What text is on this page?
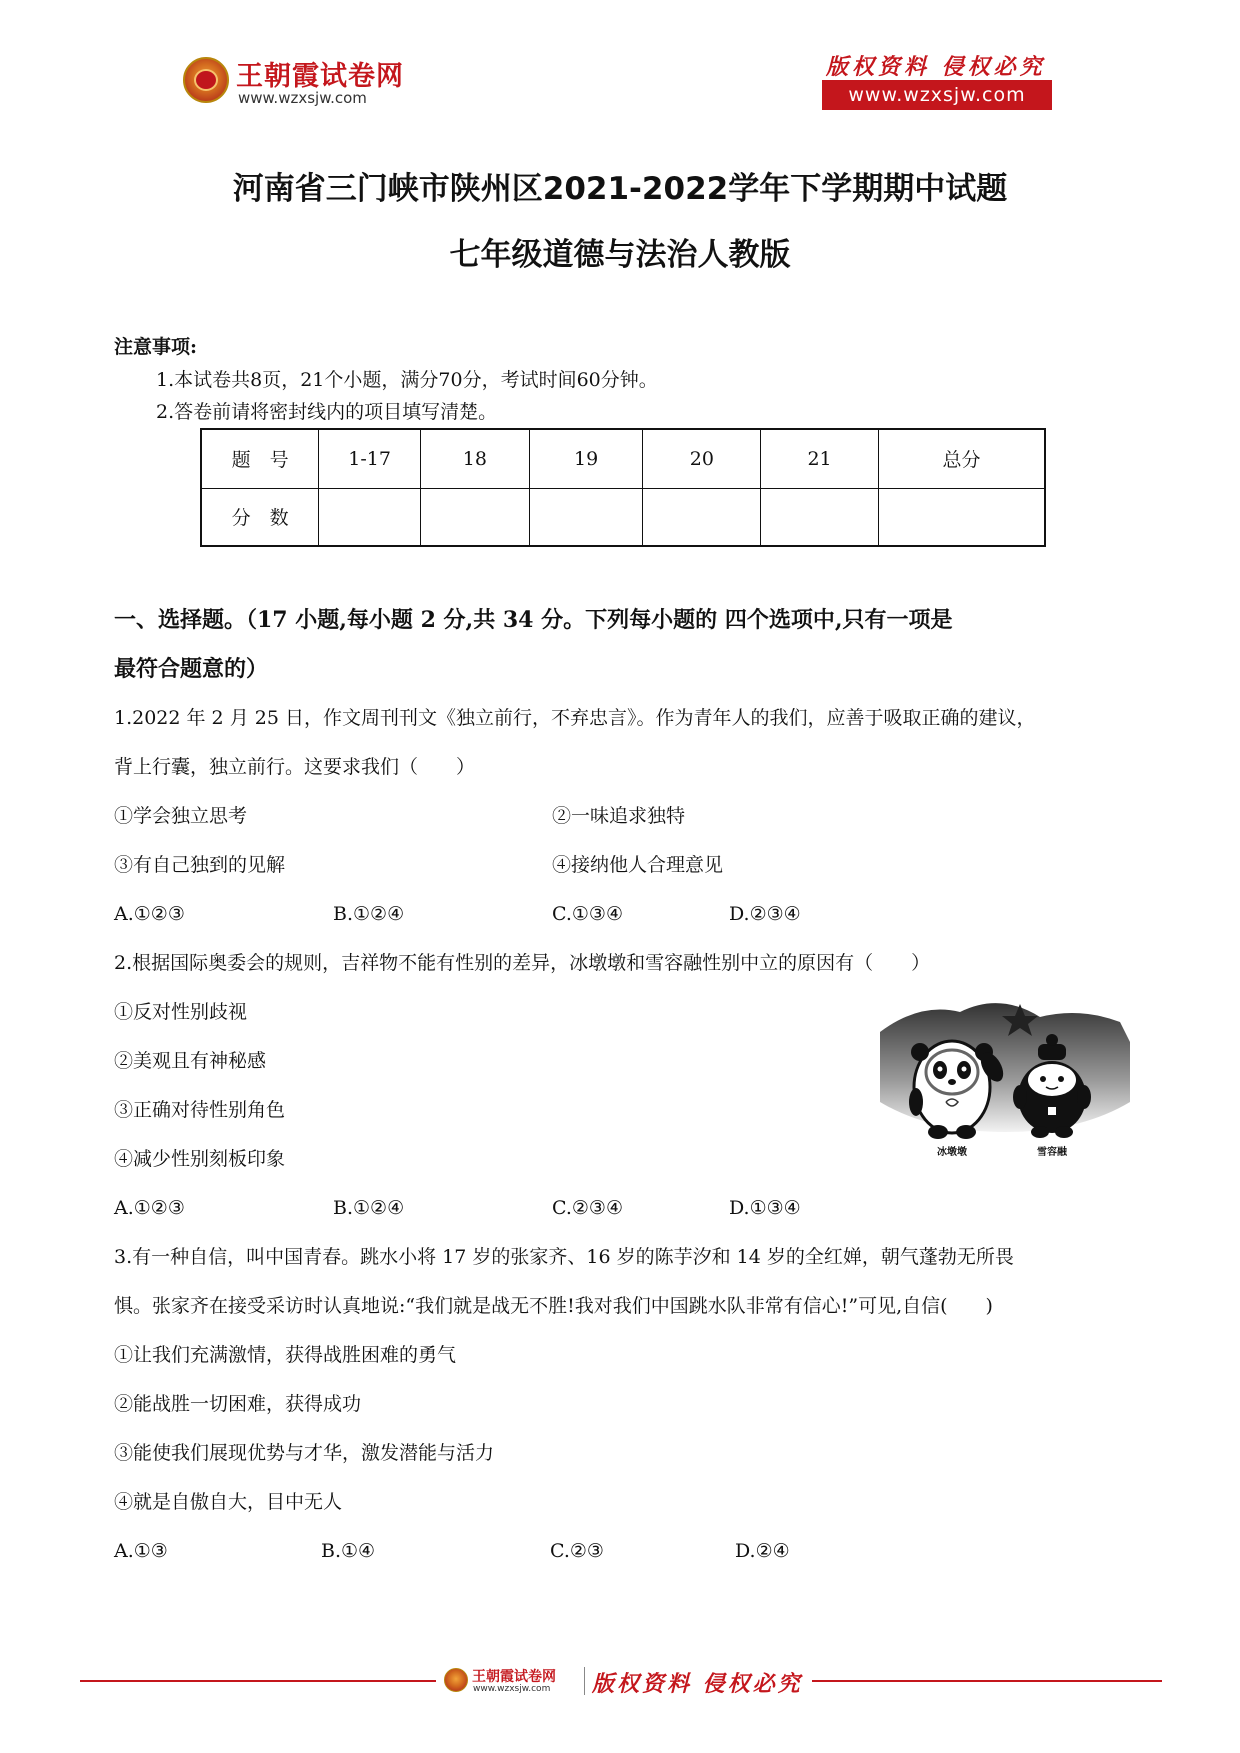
王朝霞试卷网
www.wzxsjw.com
版权资料 侵权必究
www.wzxsjw.com
河南省三门峡市陕州区2021-2022学年下学期期中试题
七年级道德与法治人教版
注意事项:
1.本试卷共8页，21个小题，满分70分，考试时间60分钟。
2.答卷前请将密封线内的项目填写清楚。
题　号	1-17	18	19	20	21	总分
分　数						
一、选择题。（17 小题,每小题 2 分,共 34 分。下列每小题的 四个选项中,只有一项是
最符合题意的）
1.2022 年 2 月 25 日，作文周刊刊文《独立前行，不弃忠言》。作为青年人的我们，应善于吸取正确的建议，
背上行囊，独立前行。这要求我们（　　）
①学会独立思考	②一味追求独特
③有自己独到的见解	④接纳他人合理意见
A.①②③	B.①②④	C.①③④	D.②③④
2.根据国际奥委会的规则，吉祥物不能有性别的差异，冰墩墩和雪容融性别中立的原因有（　　）
①反对性别歧视
②美观且有神秘感
③正确对待性别角色
④减少性别刻板印象
A.①②③	B.①②④	C.②③④	D.①③④
冰墩墩	雪容融
3.有一种自信，叫中国青春。跳水小将 17 岁的张家齐、16 岁的陈芋汐和 14 岁的全红婵，朝气蓬勃无所畏
惧。张家齐在接受采访时认真地说:“我们就是战无不胜!我对我们中国跳水队非常有信心!”可见,自信(　　)
①让我们充满激情，获得战胜困难的勇气
②能战胜一切困难，获得成功
③能使我们展现优势与才华，激发潜能与活力
④就是自傲自大，目中无人
A.①③	B.①④	C.②③	D.②④
王朝霞试卷网
www.wzxsjw.com 版权资料 侵权必究
